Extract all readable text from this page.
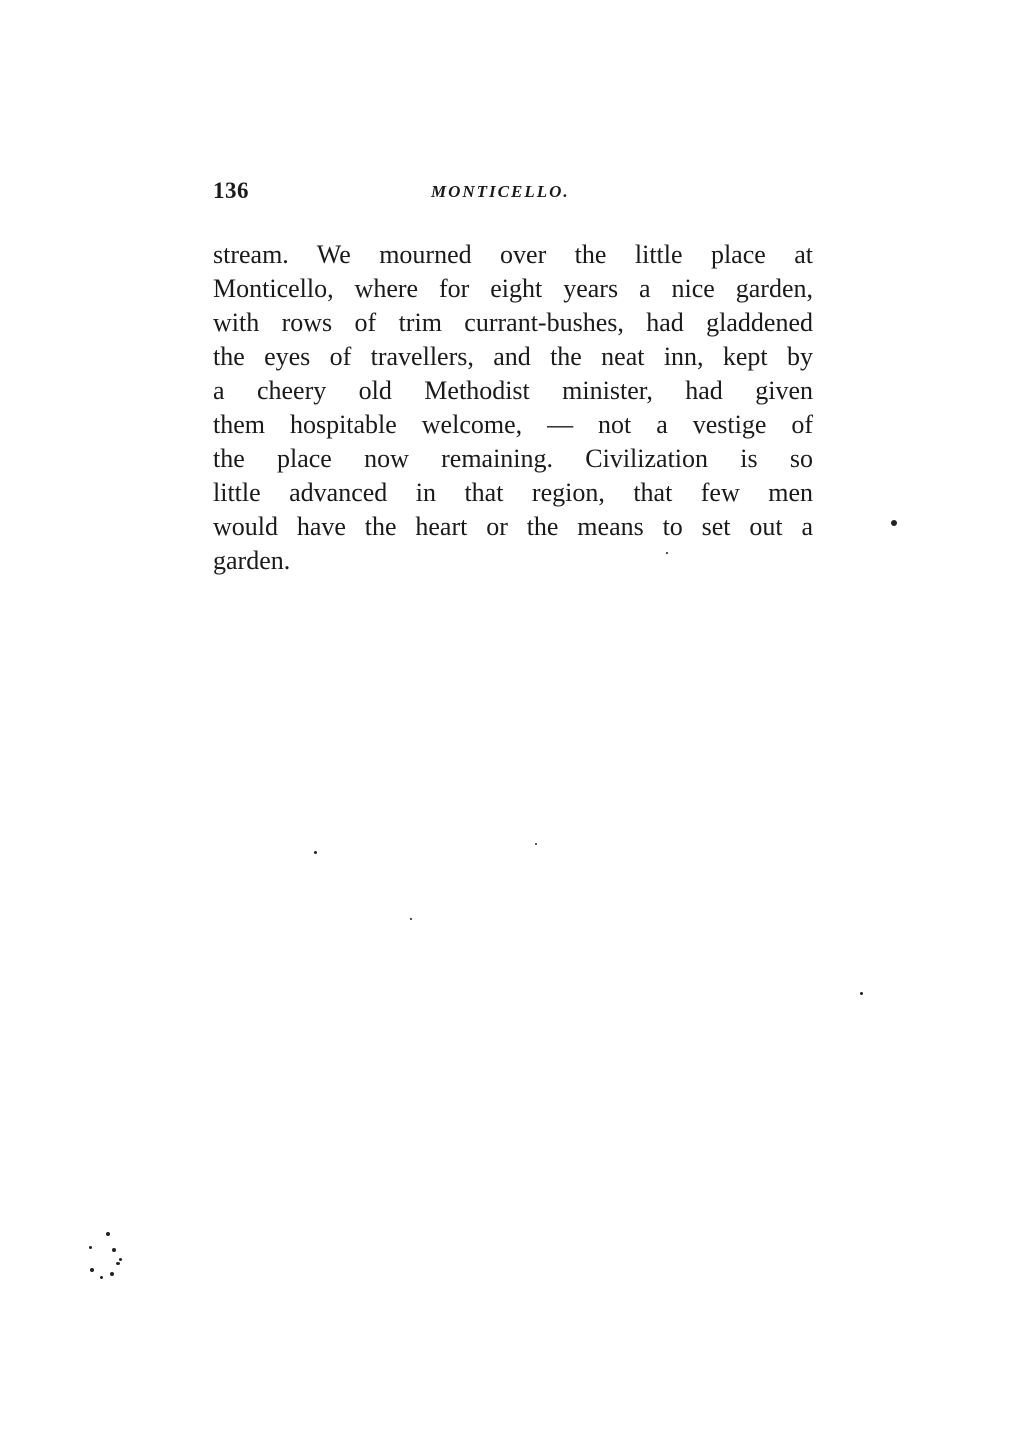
136	MONTICELLO.
stream. We mourned over the little place at
Monticello, where for eight years a nice garden,
with rows of trim currant-bushes, had gladdened
the eyes of travellers, and the neat inn, kept by
a cheery old Methodist minister, had given
them hospitable welcome, — not a vestige of
the place now remaining. Civilization is so
little advanced in that region, that few men
would have the heart or the means to set out a
garden.
